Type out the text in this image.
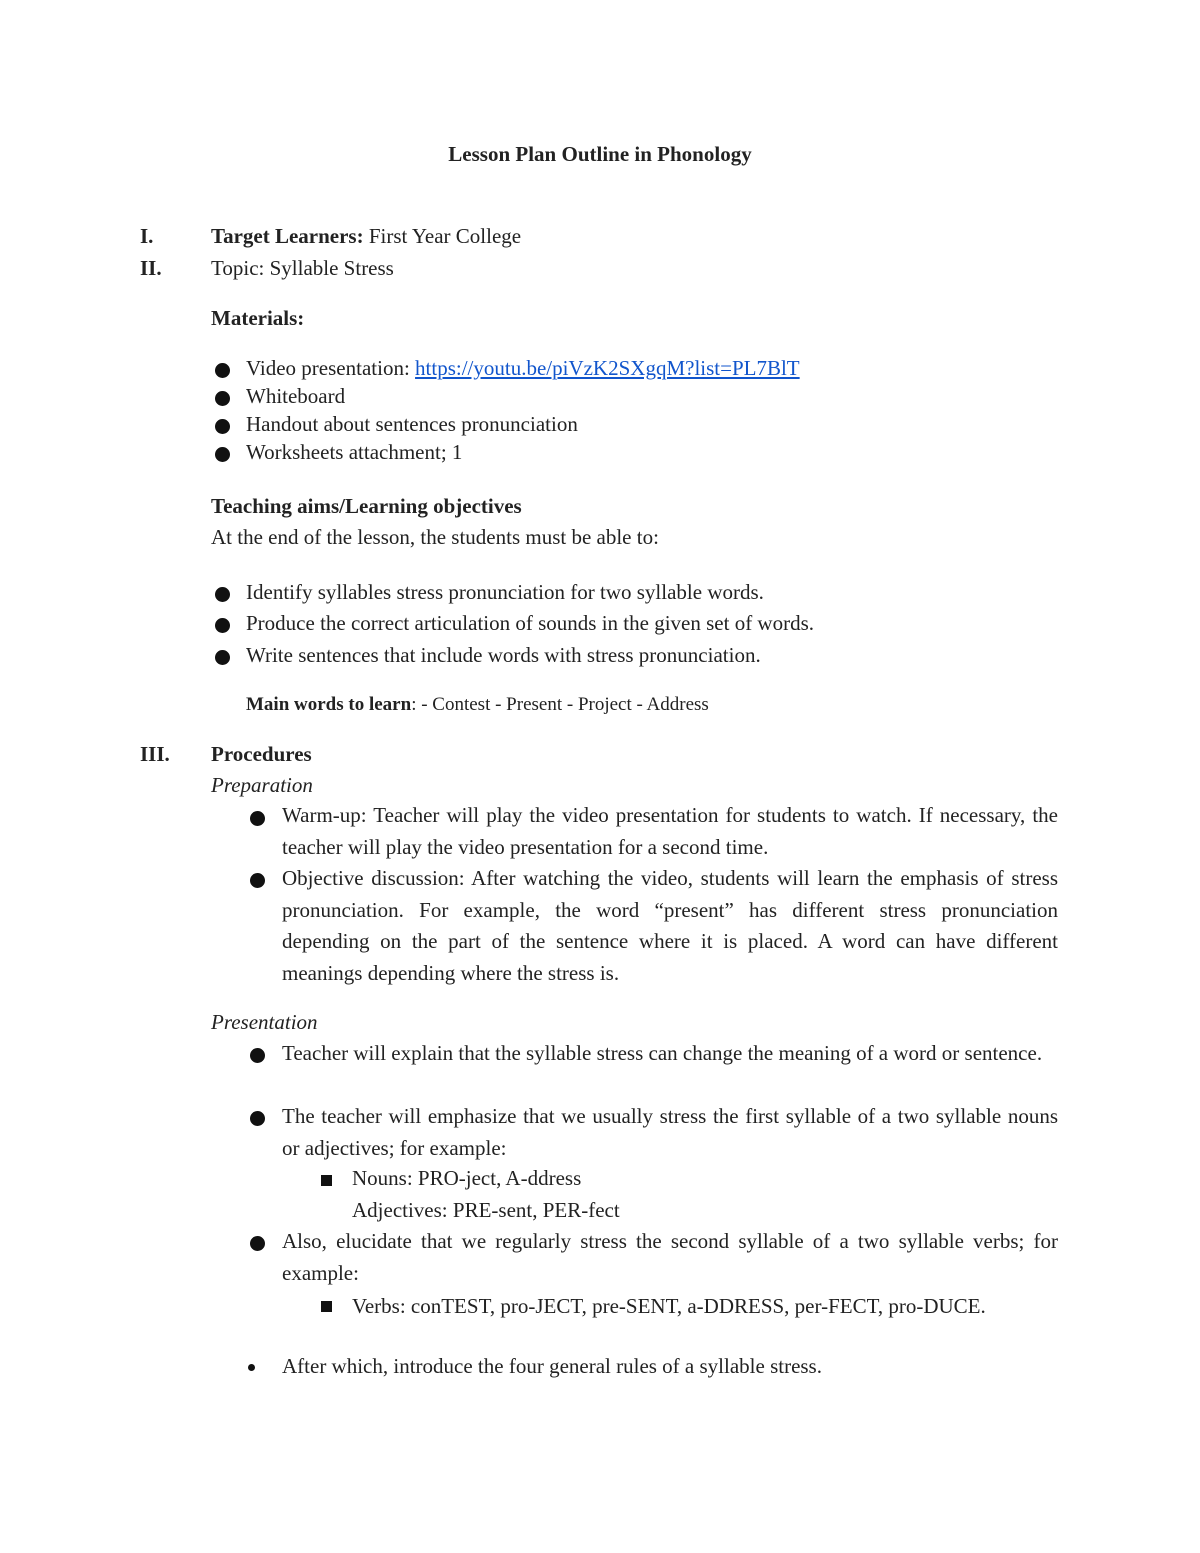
Lesson Plan Outline in Phonology
I.	Target Learners: First Year College
II. Topic: Syllable Stress
Materials:
Video presentation: https://youtu.be/piVzK2SXgqM?list=PL7BlT
Whiteboard
Handout about sentences pronunciation
Worksheets attachment; 1
Teaching aims/Learning objectives
At the end of the lesson, the students must be able to:
Identify syllables stress pronunciation for two syllable words.
Produce the correct articulation of sounds in the given set of words.
Write sentences that include words with stress pronunciation.
Main words to learn: - Contest - Present - Project - Address
III. Procedures
Preparation
Warm-up: Teacher will play the video presentation for students to watch. If necessary, the teacher will play the video presentation for a second time.
Objective discussion: After watching the video, students will learn the emphasis of stress pronunciation. For example, the word “present” has different stress pronunciation depending on the part of the sentence where it is placed. A word can have different meanings depending where the stress is.
Presentation
Teacher will explain that the syllable stress can change the meaning of a word or sentence.
The teacher will emphasize that we usually stress the first syllable of a two syllable nouns or adjectives; for example:
Nouns: PRO-ject, A-ddress
Adjectives: PRE-sent, PER-fect
Also, elucidate that we regularly stress the second syllable of a two syllable verbs; for example:
Verbs: conTEST, pro-JECT, pre-SENT, a-DDRESS, per-FECT, pro-DUCE.
After which, introduce the four general rules of a syllable stress.
